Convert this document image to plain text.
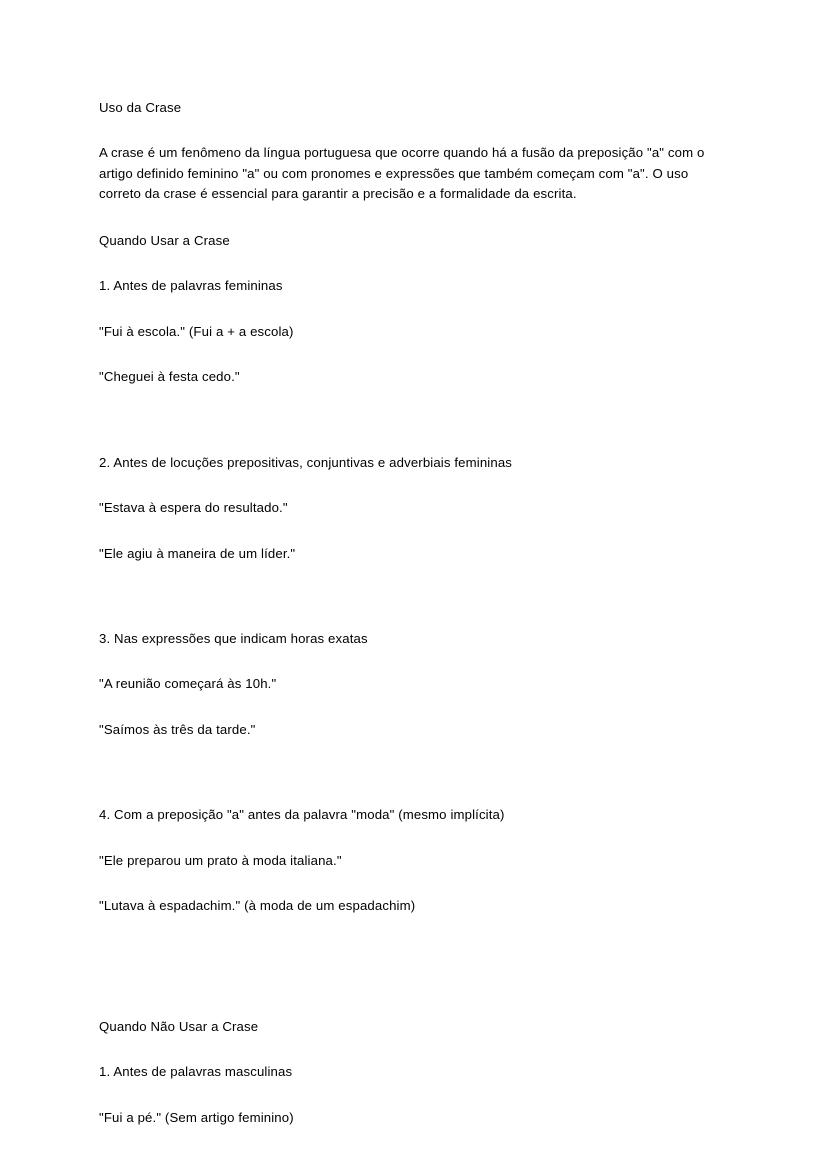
Uso da Crase

A crase é um fenômeno da língua portuguesa que ocorre quando há a fusão da preposição "a" com o artigo definido feminino "a" ou com pronomes e expressões que também começam com "a". O uso correto da crase é essencial para garantir a precisão e a formalidade da escrita.

Quando Usar a Crase

1. Antes de palavras femininas

"Fui à escola." (Fui a + a escola)

"Cheguei à festa cedo."

2. Antes de locuções prepositivas, conjuntivas e adverbiais femininas

"Estava à espera do resultado."

"Ele agiu à maneira de um líder."

3. Nas expressões que indicam horas exatas

"A reunião começará às 10h."

"Saímos às três da tarde."

4. Com a preposição "a" antes da palavra "moda" (mesmo implícita)

"Ele preparou um prato à moda italiana."

"Lutava à espadachim." (à moda de um espadachim)

Quando Não Usar a Crase

1. Antes de palavras masculinas

"Fui a pé." (Sem artigo feminino)
